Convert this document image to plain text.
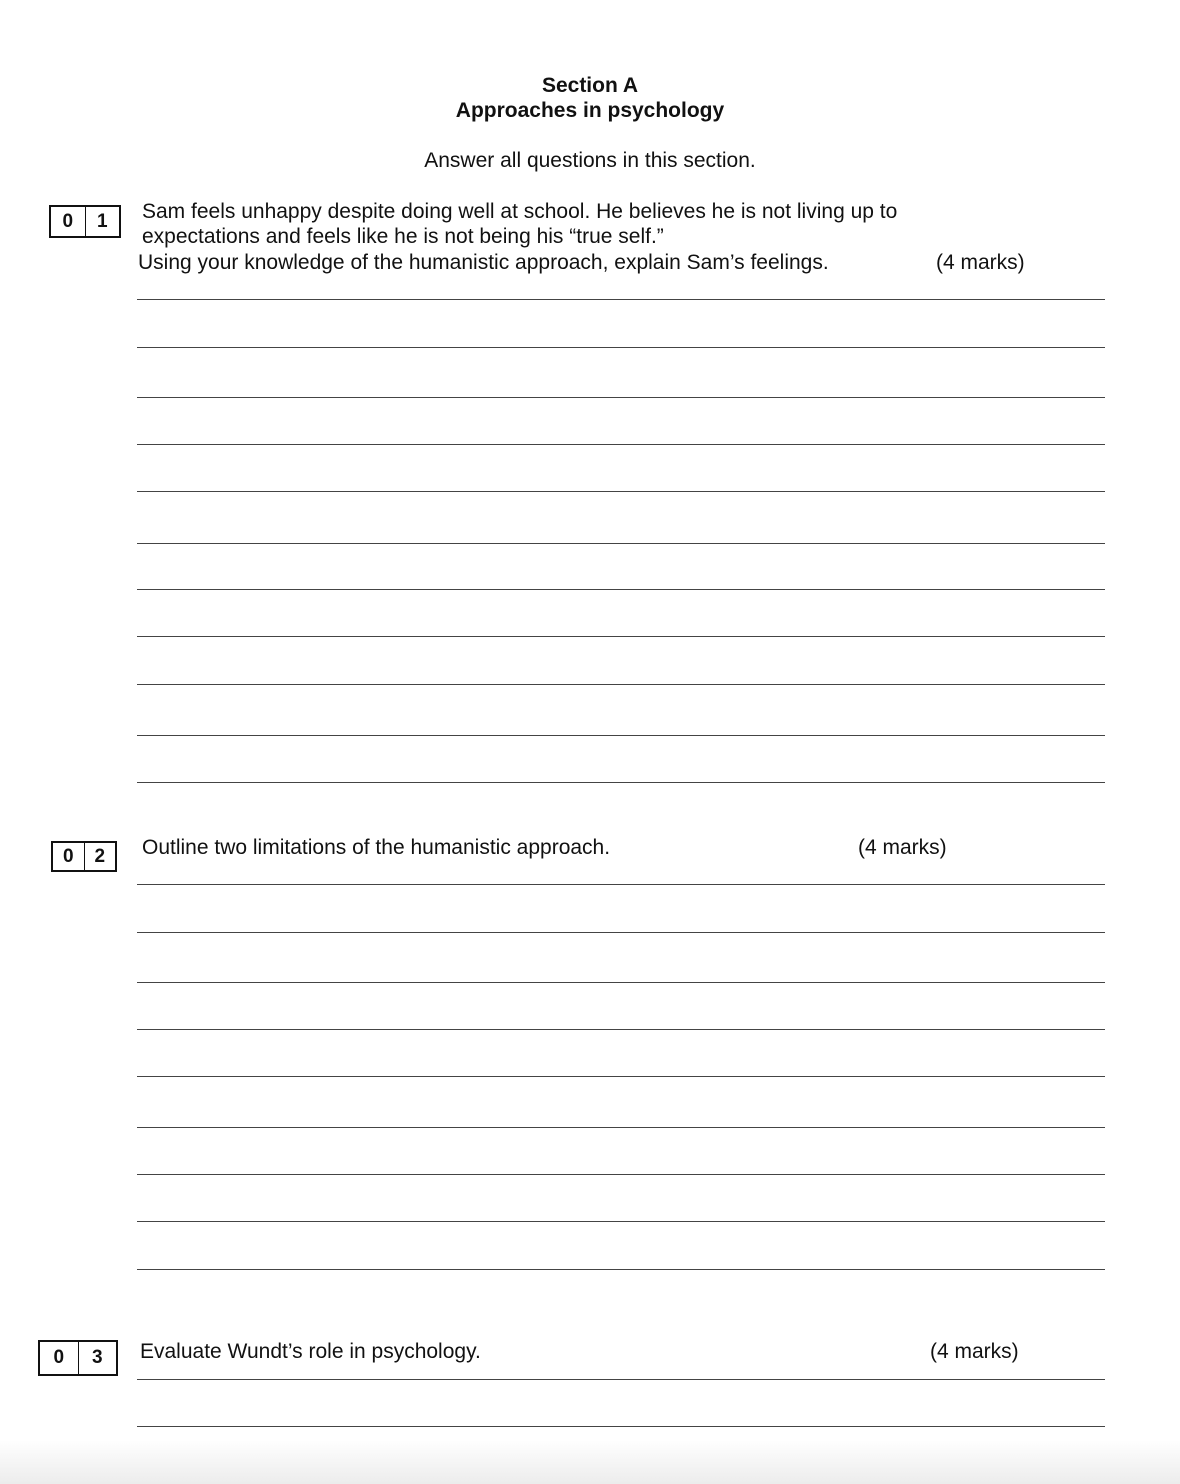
Section A
Approaches in psychology
Answer all questions in this section.
0	1	Sam feels unhappy despite doing well at school. He believes he is not living up to
expectations and feels like he is not being his “true self.”
Using your knowledge of the humanistic approach, explain Sam’s feelings.	(4 marks)
0	2	Outline two limitations of the humanistic approach.	(4 marks)
0	3	Evaluate Wundt’s role in psychology.	(4 marks)
